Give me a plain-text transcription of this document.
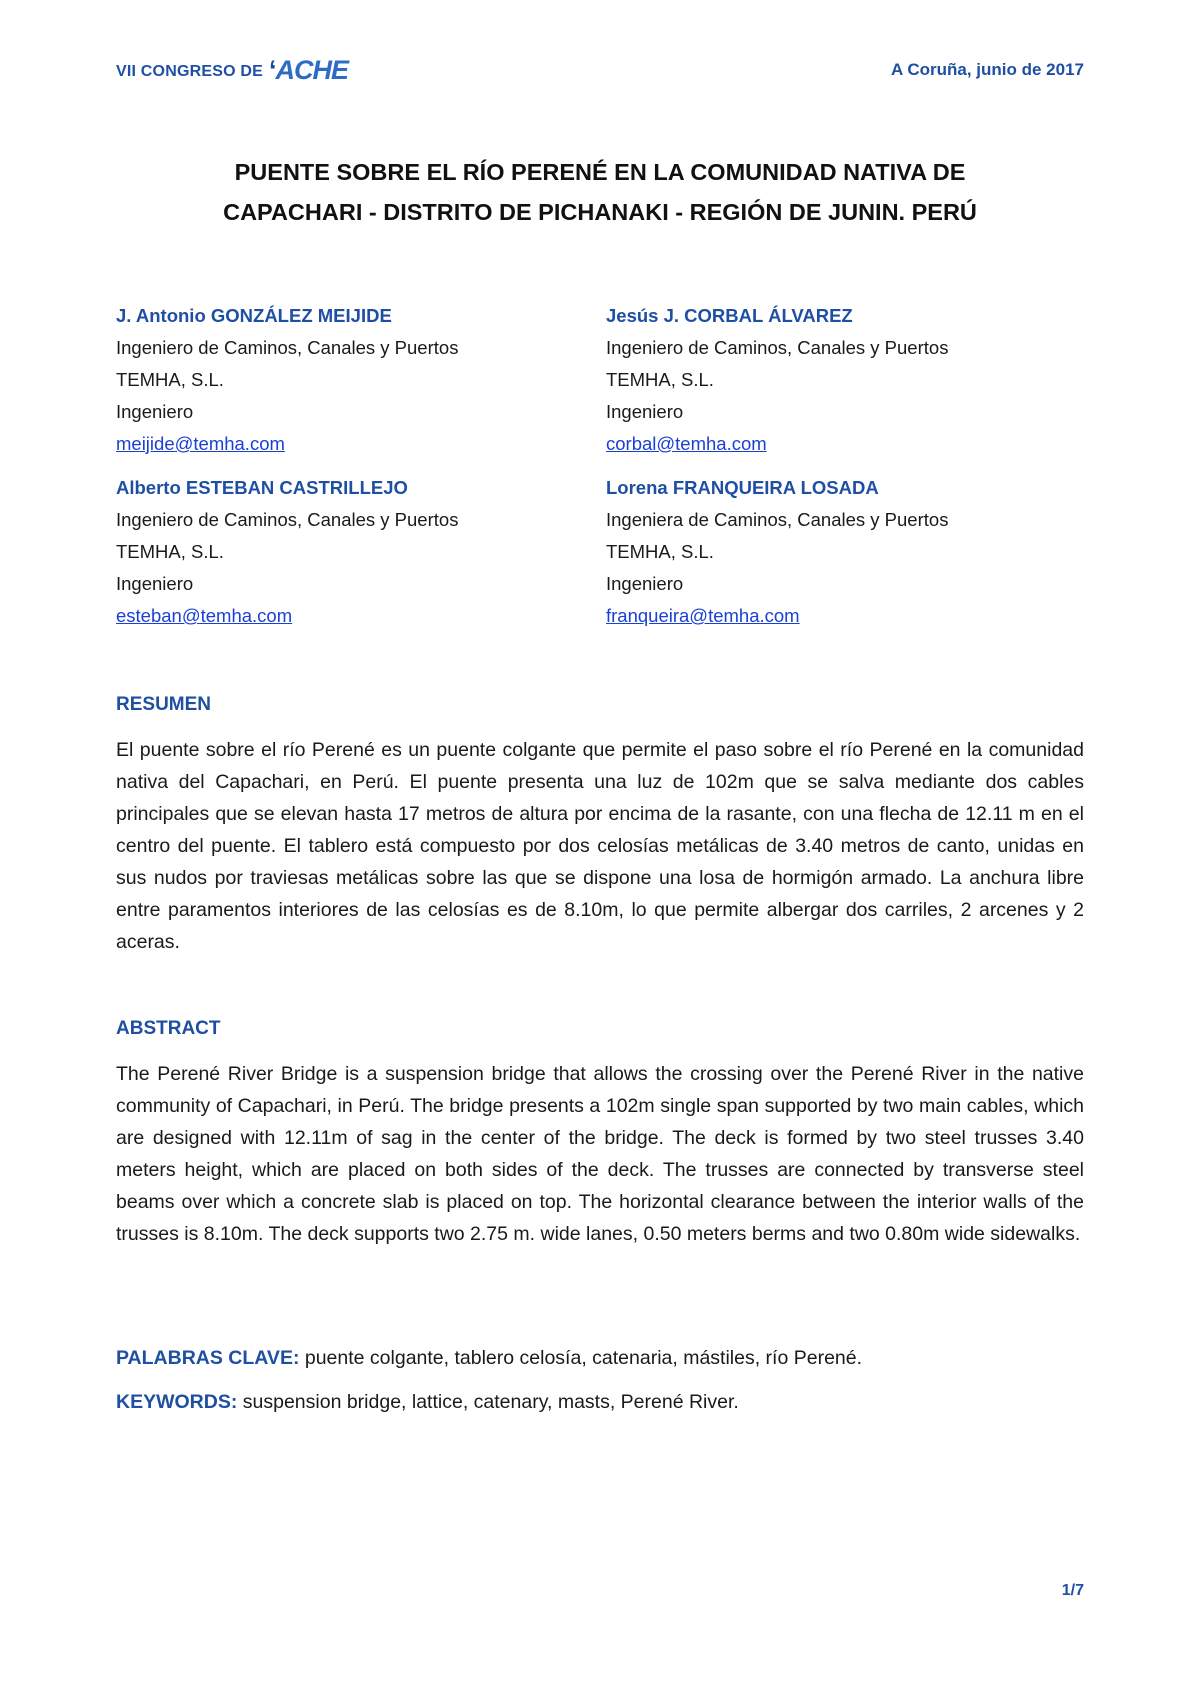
VII CONGRESO DE ‘ACHE	A Coruña, junio de 2017
PUENTE SOBRE EL RÍO PERENÉ EN LA COMUNIDAD NATIVA DE
CAPACHARI - DISTRITO DE PICHANAKI - REGIÓN DE JUNIN. PERÚ
J. Antonio GONZÁLEZ MEIJIDE
Ingeniero de Caminos, Canales y Puertos
TEMHA, S.L.
Ingeniero
meijide@temha.com
Jesús J. CORBAL ÁLVAREZ
Ingeniero de Caminos, Canales y Puertos
TEMHA, S.L.
Ingeniero
corbal@temha.com
Alberto ESTEBAN CASTRILLEJO
Ingeniero de Caminos, Canales y Puertos
TEMHA, S.L.
Ingeniero
esteban@temha.com
Lorena FRANQUEIRA LOSADA
Ingeniera de Caminos, Canales y Puertos
TEMHA, S.L.
Ingeniero
franqueira@temha.com
RESUMEN
El puente sobre el río Perené es un puente colgante que permite el paso sobre el río Perené en la comunidad nativa del Capachari, en Perú. El puente presenta una luz de 102m que se salva mediante dos cables principales que se elevan hasta 17 metros de altura por encima de la rasante, con una flecha de 12.11 m en el centro del puente. El tablero está compuesto por dos celosías metálicas de 3.40 metros de canto, unidas en sus nudos por traviesas metálicas sobre las que se dispone una losa de hormigón armado. La anchura libre entre paramentos interiores de las celosías es de 8.10m, lo que permite albergar dos carriles, 2 arcenes y 2 aceras.
ABSTRACT
The Perené River Bridge is a suspension bridge that allows the crossing over the Perené River in the native community of Capachari, in Perú. The bridge presents a 102m single span supported by two main cables, which are designed with 12.11m of sag in the center of the bridge. The deck is formed by two steel trusses 3.40 meters height, which are placed on both sides of the deck. The trusses are connected by transverse steel beams over which a concrete slab is placed on top. The horizontal clearance between the interior walls of the trusses is 8.10m. The deck supports two 2.75 m. wide lanes, 0.50 meters berms and two 0.80m wide sidewalks.
PALABRAS CLAVE: puente colgante, tablero celosía, catenaria, mástiles, río Perené.
KEYWORDS: suspension bridge, lattice, catenary, masts, Perené River.
1/7
